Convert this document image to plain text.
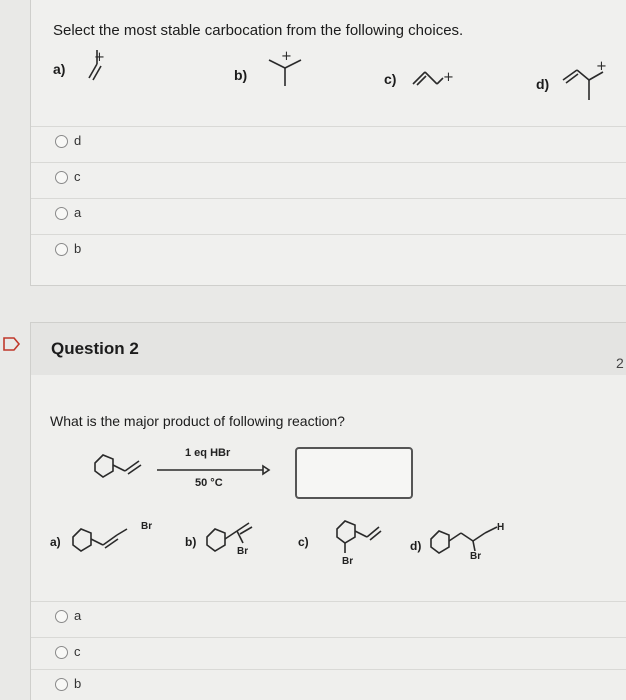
Select the most stable carbocation from the following choices.
a)
+
b)
+
c)	+	d)
+
d
c
a
b
Question 2
2
What is the major product of following reaction?
1 eq HBr
50 °C
a)
Br
b)
Br
c)
Br
d)
Br
H
a
c
b
